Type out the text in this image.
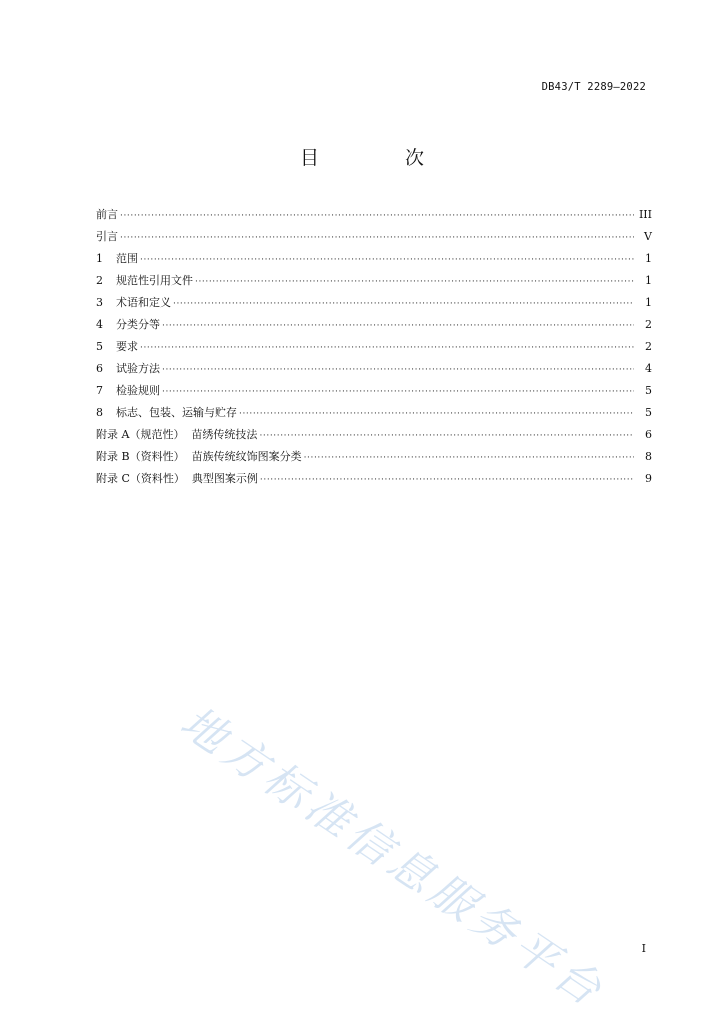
DB43/T 2289—2022
目 次
前言 ·····	III
引言 ·····	V
1	范围 ·····	1
2	规范性引用文件 ·····	1
3	术语和定义 ·····	1
4	分类分等 ·····	2
5	要求 ·····	2
6	试验方法 ·····	4
7	检验规则 ·····	5
8	标志、包装、运输与贮存 ·····	5
附录 A（规范性）  苗绣传统技法 ·····	6
附录 B（资料性）  苗族传统纹饰图案分类 ·····	8
附录 C（资料性）  典型图案示例 ·····	9
地方标准信息服务平台	I
